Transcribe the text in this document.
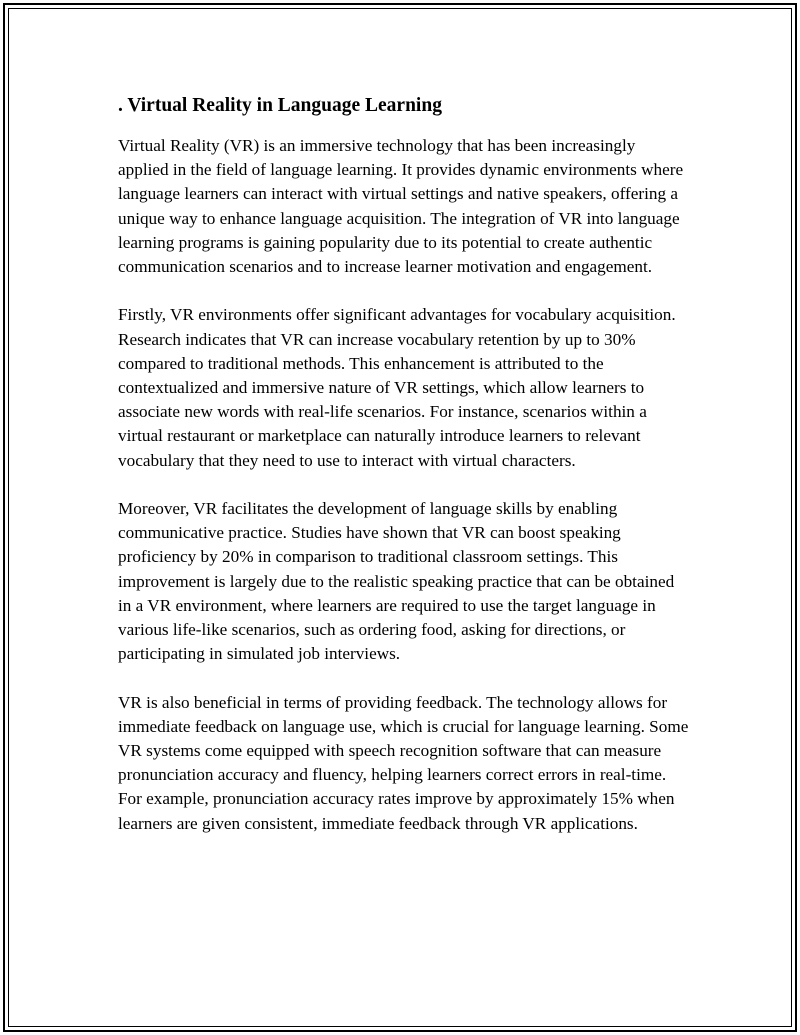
. Virtual Reality in Language Learning

Virtual Reality (VR) is an immersive technology that has been increasingly applied in the field of language learning. It provides dynamic environments where language learners can interact with virtual settings and native speakers, offering a unique way to enhance language acquisition. The integration of VR into language learning programs is gaining popularity due to its potential to create authentic communication scenarios and to increase learner motivation and engagement.

Firstly, VR environments offer significant advantages for vocabulary acquisition. Research indicates that VR can increase vocabulary retention by up to 30% compared to traditional methods. This enhancement is attributed to the contextualized and immersive nature of VR settings, which allow learners to associate new words with real-life scenarios. For instance, scenarios within a virtual restaurant or marketplace can naturally introduce learners to relevant vocabulary that they need to use to interact with virtual characters.

Moreover, VR facilitates the development of language skills by enabling communicative practice. Studies have shown that VR can boost speaking proficiency by 20% in comparison to traditional classroom settings. This improvement is largely due to the realistic speaking practice that can be obtained in a VR environment, where learners are required to use the target language in various life-like scenarios, such as ordering food, asking for directions, or participating in simulated job interviews.

VR is also beneficial in terms of providing feedback. The technology allows for immediate feedback on language use, which is crucial for language learning. Some VR systems come equipped with speech recognition software that can measure pronunciation accuracy and fluency, helping learners correct errors in real-time. For example, pronunciation accuracy rates improve by approximately 15% when learners are given consistent, immediate feedback through VR applications.
